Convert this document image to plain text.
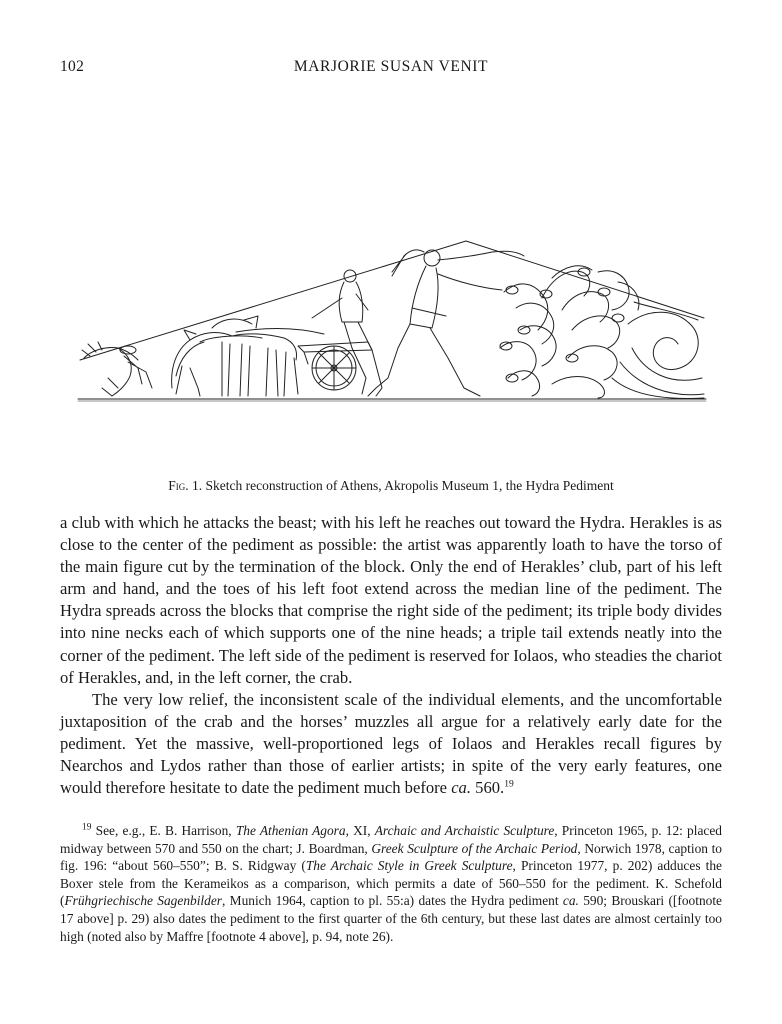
102	MARJORIE SUSAN VENIT
Fig. 1. Sketch reconstruction of Athens, Akropolis Museum 1, the Hydra Pediment

a club with which he attacks the beast; with his left he reaches out toward the Hydra. Herakles is as close to the center of the pediment as possible: the artist was apparently loath to have the torso of the main figure cut by the termination of the block. Only the end of Herakles’ club, part of his left arm and hand, and the toes of his left foot extend across the median line of the pediment. The Hydra spreads across the blocks that comprise the right side of the pediment; its triple body divides into nine necks each of which supports one of the nine heads; a triple tail extends neatly into the corner of the pediment. The left side of the pediment is reserved for Iolaos, who steadies the chariot of Herakles, and, in the left corner, the crab.

The very low relief, the inconsistent scale of the individual elements, and the uncomfortable juxtaposition of the crab and the horses’ muzzles all argue for a relatively early date for the pediment. Yet the massive, well-proportioned legs of Iolaos and Herakles recall figures by Nearchos and Lydos rather than those of earlier artists; in spite of the very early features, one would therefore hesitate to date the pediment much before ca. 560.19

$^{19}$ See, e.g., E. B. Harrison, The Athenian Agora, XI, Archaic and Archaistic Sculpture, Princeton 1965, p. 12: placed midway between 570 and 550 on the chart; J. Boardman, Greek Sculpture of the Archaic Period, Norwich 1978, caption to fig. 196: “about 560–550”; B. S. Ridgway (The Archaic Style in Greek Sculpture, Princeton 1977, p. 202) adduces the Boxer stele from the Kerameikos as a comparison, which permits a date of 560–550 for the pediment. K. Schefold (Frühgriechische Sagenbilder, Munich 1964, caption to pl. 55:a) dates the Hydra pediment ca. 590; Brouskari ([footnote 17 above] p. 29) also dates the pediment to the first quarter of the 6th century, but these last dates are almost certainly too high (noted also by Maffre [footnote 4 above], p. 94, note 26).
